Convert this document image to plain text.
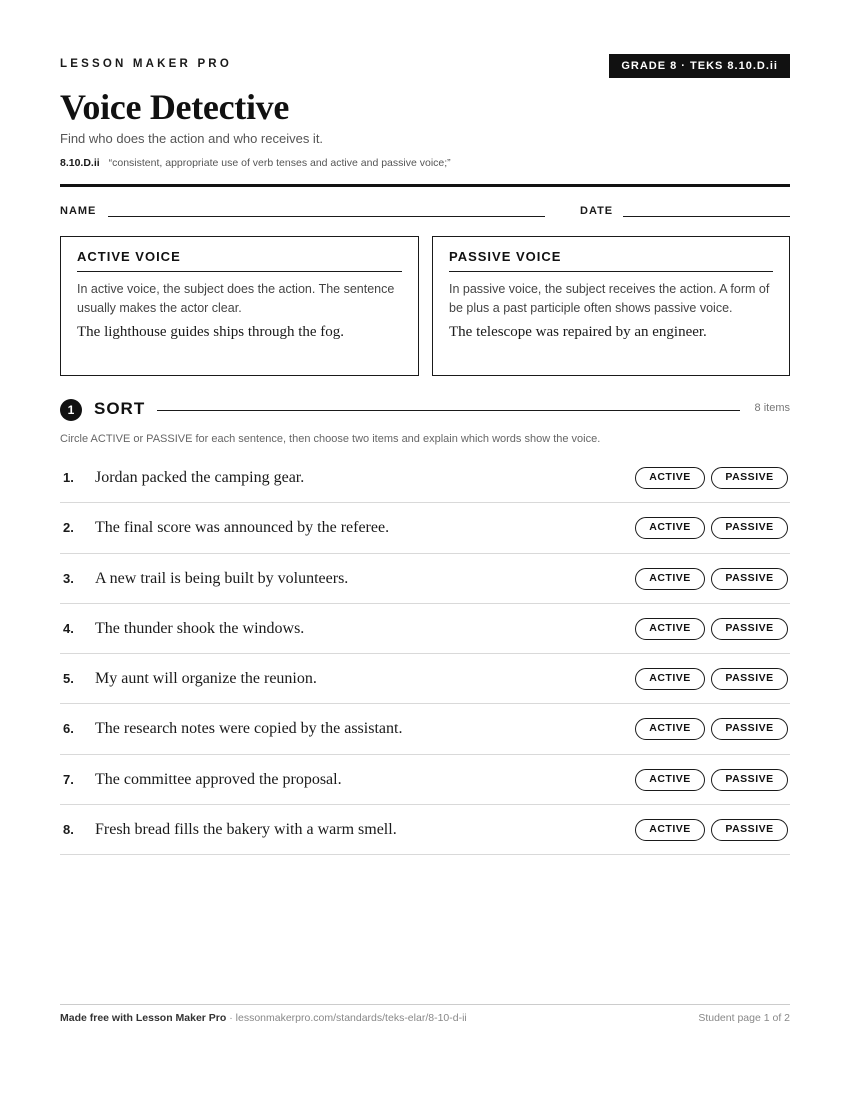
LESSON MAKER PRO	GRADE 8 · TEKS 8.10.D.ii
Voice Detective
Find who does the action and who receives it.
8.10.D.ii “consistent, appropriate use of verb tenses and active and passive voice;”
NAME	DATE
ACTIVE VOICE
In active voice, the subject does the action. The sentence usually makes the actor clear.
The lighthouse guides ships through the fog.
PASSIVE VOICE
In passive voice, the subject receives the action. A form of be plus a past participle often shows passive voice.
The telescope was repaired by an engineer.
1	SORT	8 items
Circle ACTIVE or PASSIVE for each sentence, then choose two items and explain which words show the voice.
1. Jordan packed the camping gear.	ACTIVE	PASSIVE
2. The final score was announced by the referee.	ACTIVE	PASSIVE
3. A new trail is being built by volunteers.	ACTIVE	PASSIVE
4. The thunder shook the windows.	ACTIVE	PASSIVE
5. My aunt will organize the reunion.	ACTIVE	PASSIVE
6. The research notes were copied by the assistant.	ACTIVE	PASSIVE
7. The committee approved the proposal.	ACTIVE	PASSIVE
8. Fresh bread fills the bakery with a warm smell.	ACTIVE	PASSIVE
Made free with Lesson Maker Pro · lessonmakerpro.com/standards/teks-elar/8-10-d-ii	Student page 1 of 2
